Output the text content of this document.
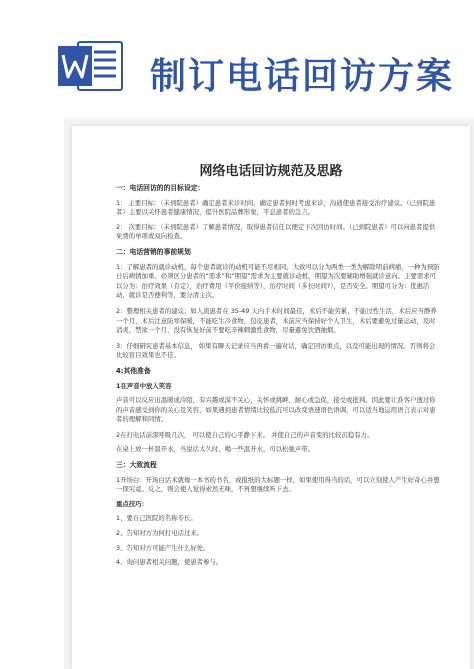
制订电话回访方案
网络电话回访规范及思路

一：电话回访的的目标设定：

1： 主要目标：（未到院患者）确定患者来诊时间，确定患者何时考虑来诊，沟通使患者接受治疗建议。（已到院患者）主要以关怀患者健康情况，提升医院品牌形象，平息患者的急言。

2： 次要目标：（未到院患者）了解患者情况，取得患者信任以便定下次回访时间。（已到院患者）可以向患者提供免费的单项或双向检查。

二：电话营销的事前规划

1：了解患者的就诊动机，每个患者就诊的动机可能不尽相同，大致可以分为两类一类为解除明前病痛，一种为预防日后病情加重。必须区分患者的“需求”和“期望”需求为主要就诊动机，期望为次要辅助增强就诊意向。主要需求可以分为：治疗效果（肯定），治疗费用（平价接纳等），治疗时间（多长时间?），是否安全。期望可分为：优惠活动，就诊是否便利等，要分清主次。

2：整理相关患者的建议；如人流患者在 35-49 天内手术时间最佳，术后不能劳累，不能过性生活，术后应当静养一个月，术后注意防寒保暖，不能吃生冷食物，包皮患者，术前应当保持好个人卫生，术后要避免过量运动，及时消炎，禁欲一个月，没有恢复好前不要吃辛辣刺激性食物，尽量避免饮酒抽烟。

3：仔细研究患者基本信息， 如果有聊天记录应当再看一遍对话，确定回访重点，以及可能出现的情况。否则将会比较盲目效果也不佳。

4:其他准备

1在声音中放入笑容

声音可以反应出温暖或冷陌，有兴趣或漠不关心，关怀或挑衅，耐心或急促，接受或批判。因此要让准客户透过你的声音感受到你的关心及笑容，如果遇到患者情绪比较低沉可以改变语速语色语调，可以适当地运用语言表示对患者的理解和同情。

2在打电话前深呼吸几次， 可以使自己的心平静下来。 并使自己的声音变的比较沉稳有力。

在桌上放一杯温开水，当说话太久时，喝一些温开水，可以松弛声带。

三：大致流程

1开场白：开场白话术就像一本书的书名，或报纸的大标题一样，如果使用得当的话，可以立刻使人产生好奇心并想一探究竟。反之，则会使人觉得索然无味，不再想继续听下去。

重点技巧：

1、要自己医院的名称专长。

2、告知对方为何打电话过来。

3、告知对方可能产生什么好处。

4、询问患者相关问题，使患者参与。
